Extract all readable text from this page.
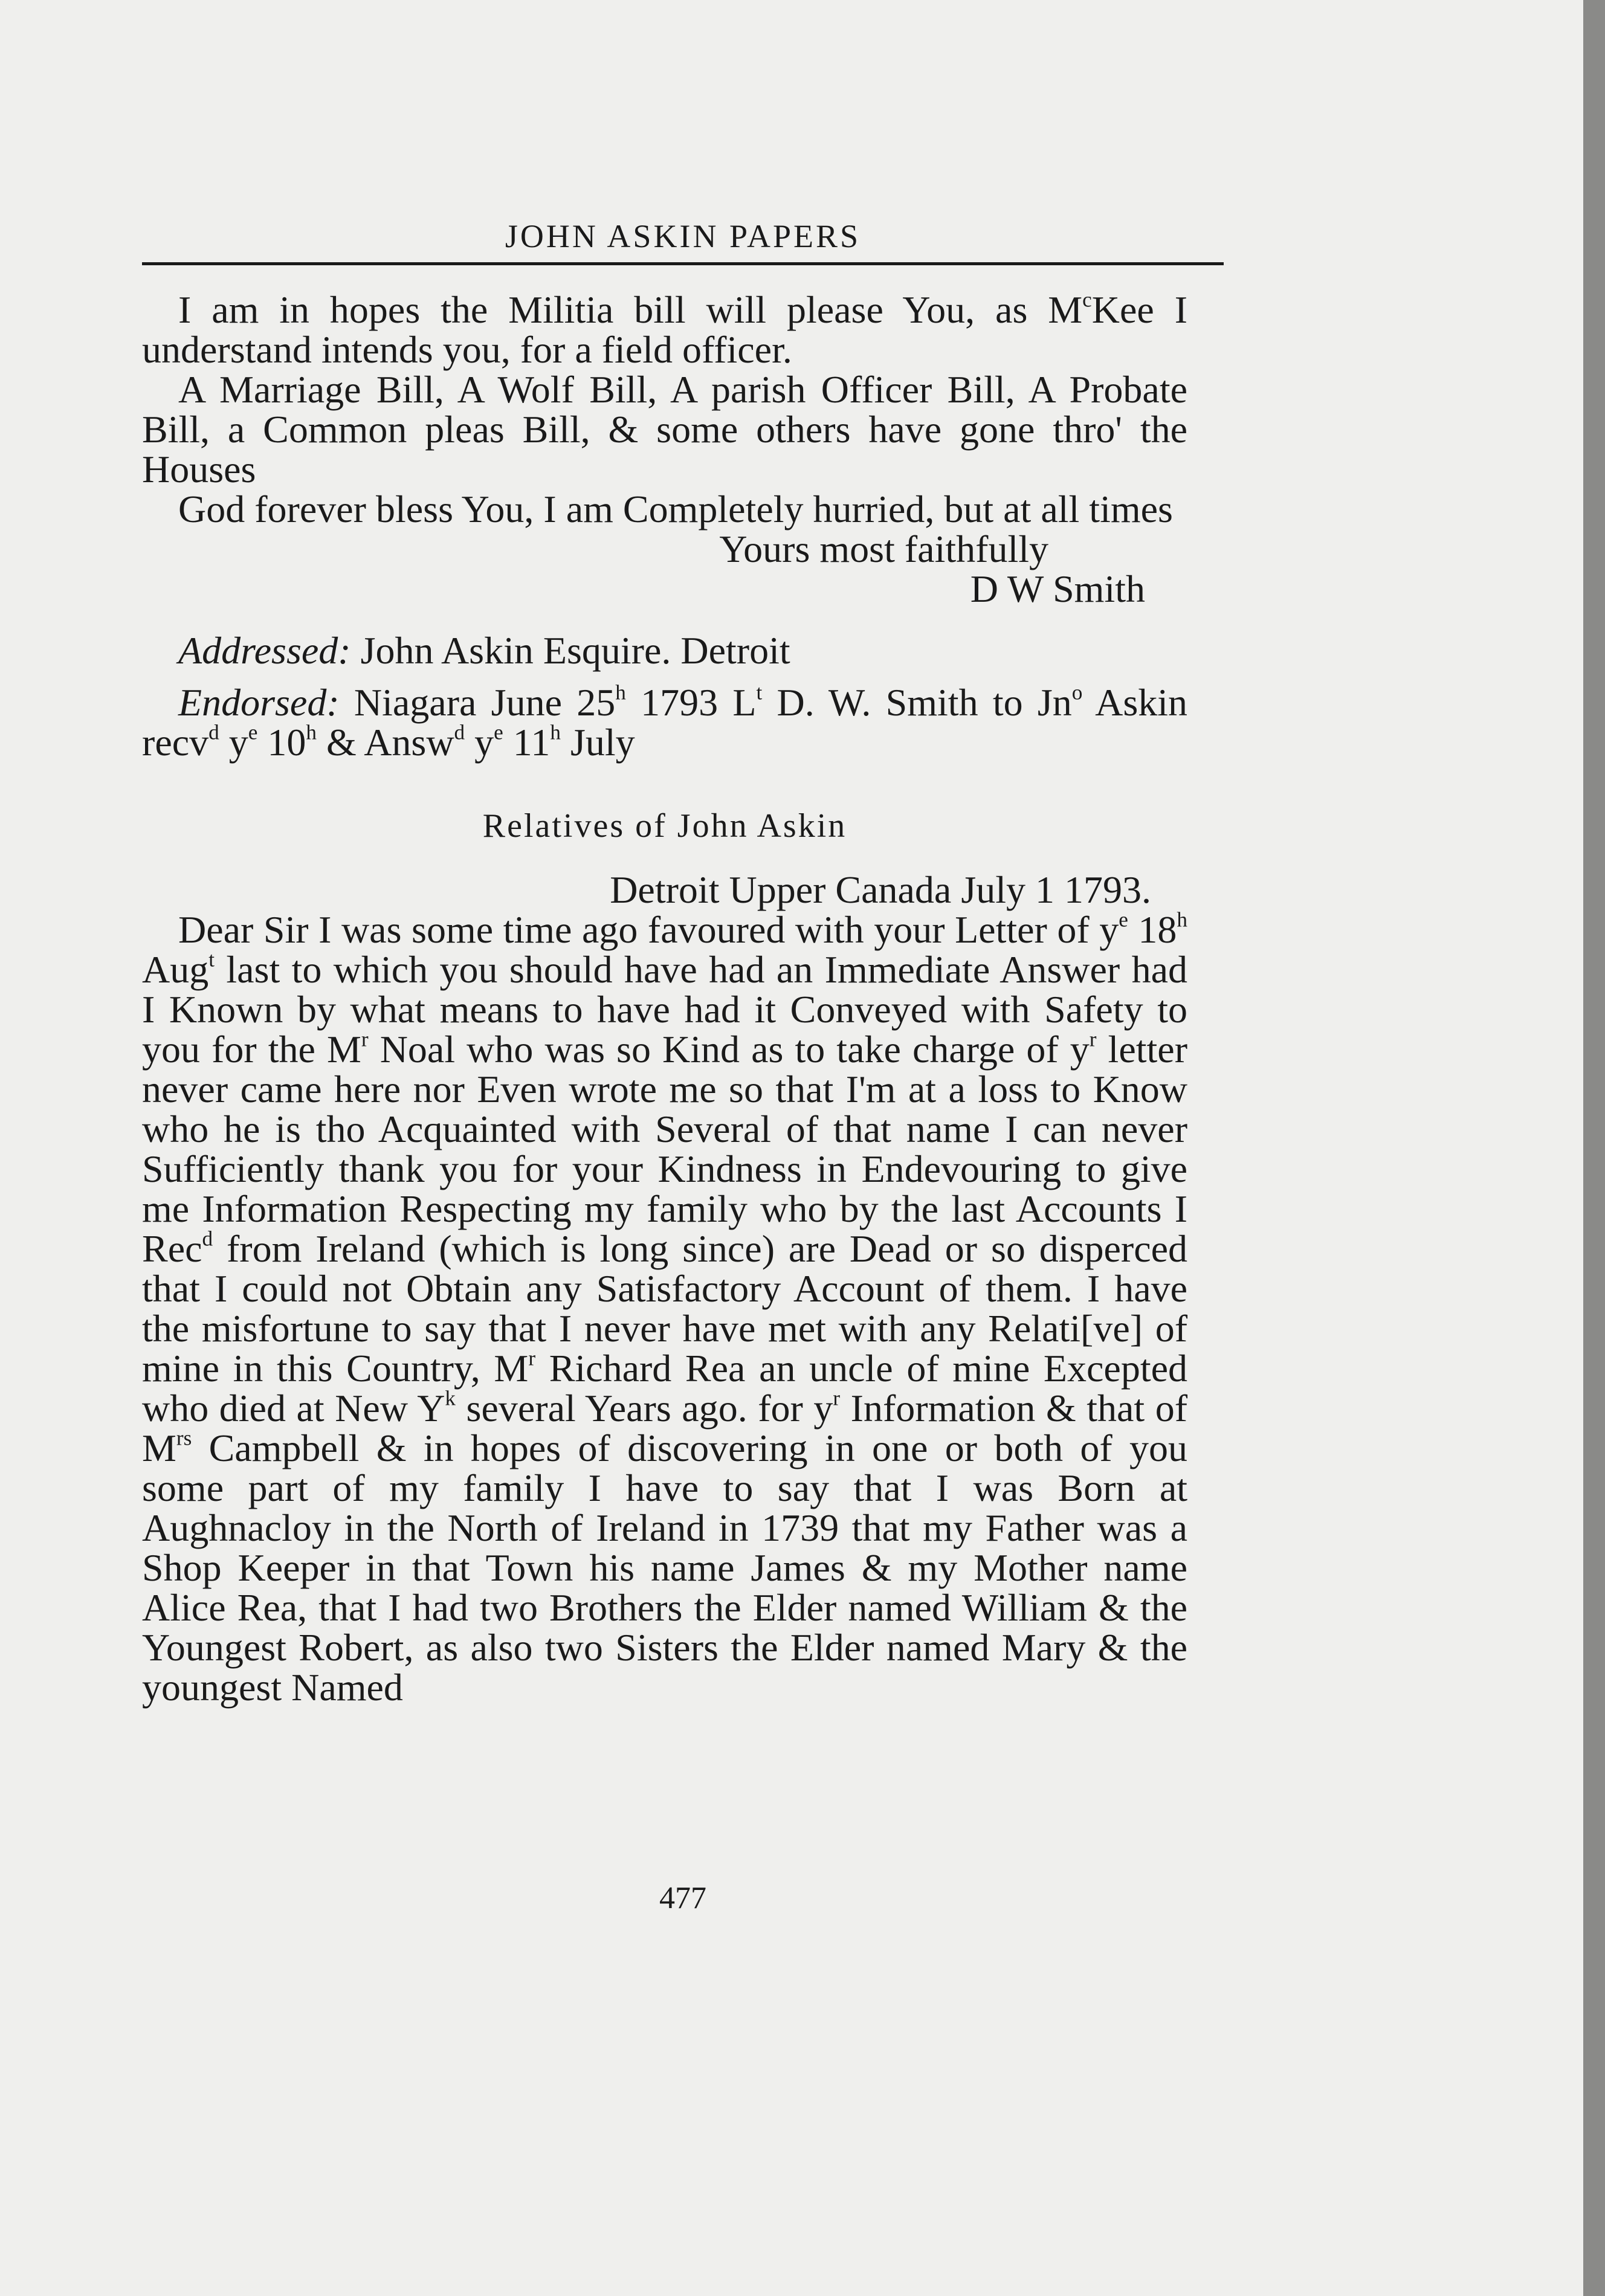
JOHN ASKIN PAPERS

I am in hopes the Militia bill will please You, as $M^cKee$ I understand intends you, for a field officer.

A Marriage Bill, A Wolf Bill, A parish Officer Bill, A Probate Bill, a Common pleas Bill, & some others have gone thro' the Houses

God forever bless You, I am Completely hurried, but at all times

Yours most faithfully

D W Smith

Addressed: John Askin Esquire. Detroit

Endorsed: Niagara June 25$^h$ 1793 $L^t$ D. W. Smith to Jn$^o$ Askin recv$^d$ $y^e$ 10$^h$ & Answ$^d$ $y^e$ 11$^h$ July

Relatives of John Askin

Detroit Upper Canada July 1 1793.

Dear Sir I was some time ago favoured with your Letter of $y^e$ 18$^h$ Aug$^t$ last to which you should have had an Immediate Answer had I Known by what means to have had it Conveyed with Safety to you for the $M^r$ Noal who was so Kind as to take charge of $y^r$ letter never came here nor Even wrote me so that I'm at a loss to Know who he is tho Acquainted with Several of that name I can never Sufficiently thank you for your Kindness in Endevouring to give me Information Respecting my family who by the last Accounts I Rec$^d$ from Ireland (which is long since) are Dead or so disperced that I could not Obtain any Satisfactory Account of them. I have the misfortune to say that I never have met with any Relati[ve] of mine in this Country, $M^r$ Richard Rea an uncle of mine Excepted who died at New $Y^k$ several Years ago. for $y^r$ Information & that of $M^{rs}$ Campbell & in hopes of discovering in one or both of you some part of my family I have to say that I was Born at Aughnacloy in the North of Ireland in 1739 that my Father was a Shop Keeper in that Town his name James & my Mother name Alice Rea, that I had two Brothers the Elder named William & the Youngest Robert, as also two Sisters the Elder named Mary & the youngest Named

477
